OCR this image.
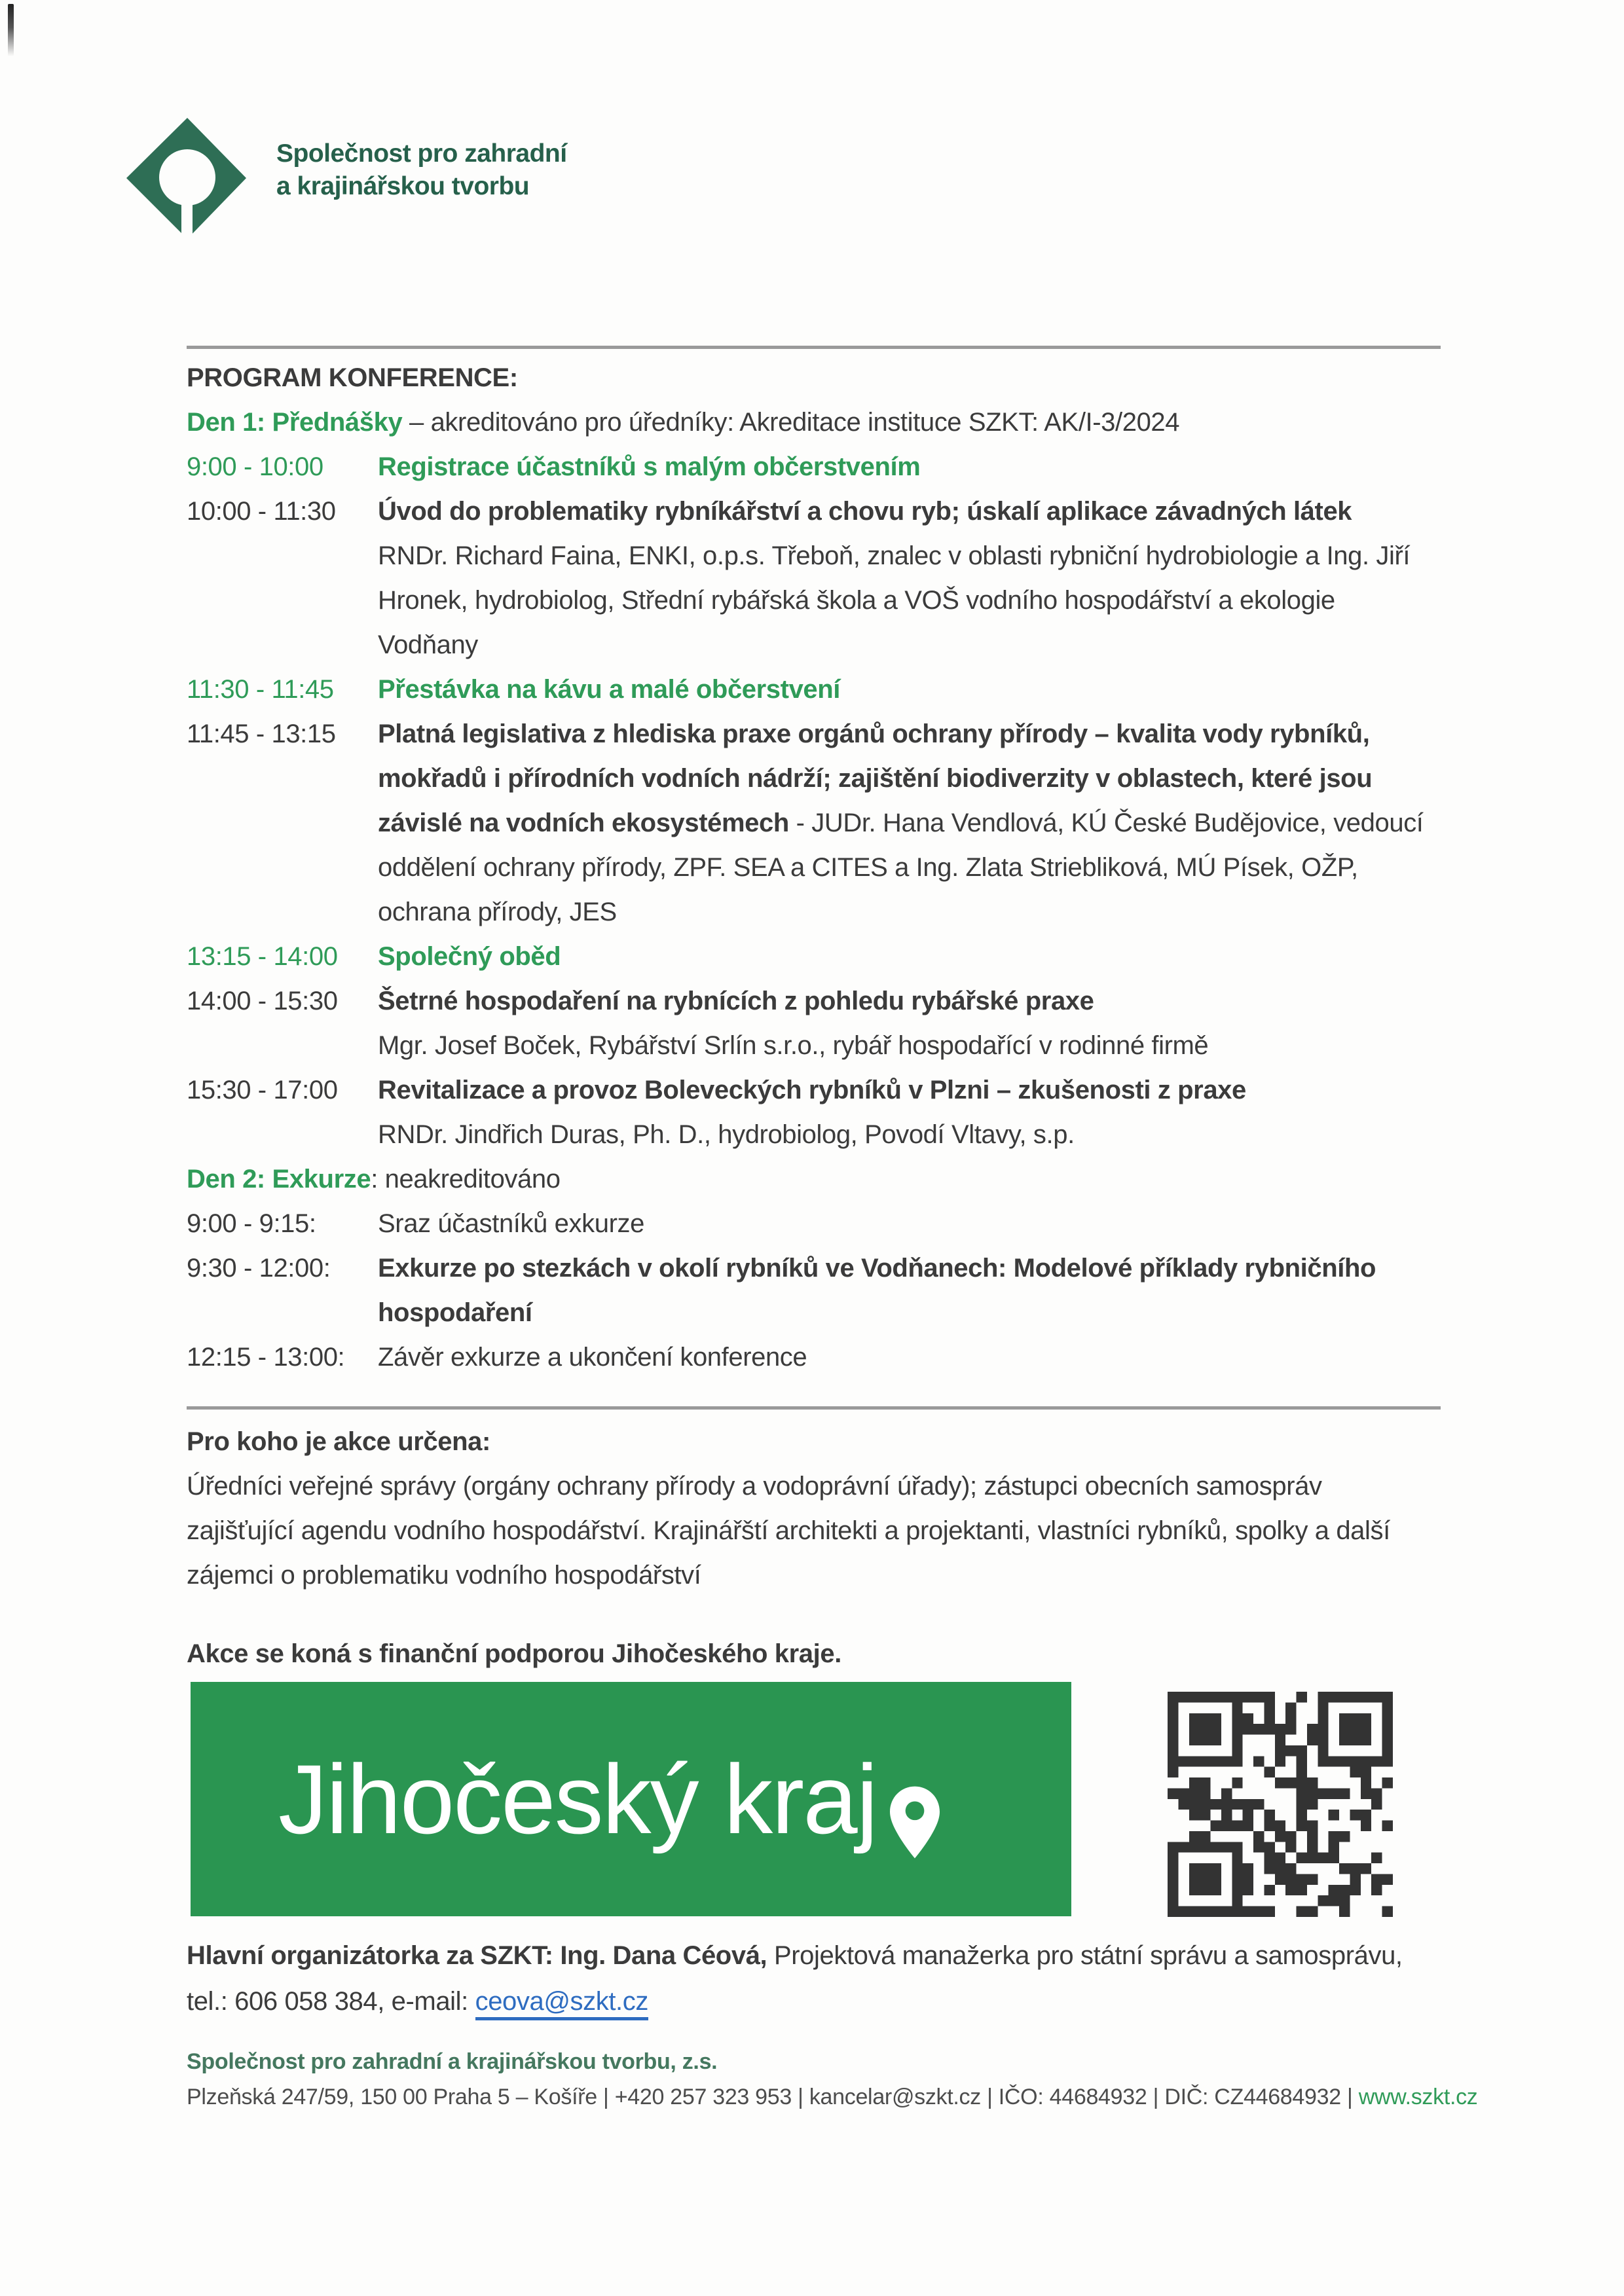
Společnost pro zahradní
a krajinářskou tvorbu
PROGRAM KONFERENCE:
Den 1: Přednášky – akreditováno pro úředníky: Akreditace instituce SZKT: AK/I-3/2024
9:00 - 10:00	Registrace účastníků s malým občerstvením
10:00 - 11:30	Úvod do problematiky rybníkářství a chovu ryb; úskalí aplikace závadných látek
RNDr. Richard Faina, ENKI, o.p.s. Třeboň, znalec v oblasti rybniční hydrobiologie a Ing. Jiří Hronek, hydrobiolog, Střední rybářská škola a VOŠ vodního hospodářství a ekologie Vodňany
11:30 - 11:45	Přestávka na kávu a malé občerstvení
11:45 - 13:15	Platná legislativa z hlediska praxe orgánů ochrany přírody – kvalita vody rybníků, mokřadů i přírodních vodních nádrží; zajištění biodiverzity v oblastech, které jsou závislé na vodních ekosystémech - JUDr. Hana Vendlová, KÚ České Budějovice, vedoucí oddělení ochrany přírody, ZPF. SEA a CITES a Ing. Zlata Striebliková, MÚ Písek, OŽP, ochrana přírody, JES
13:15 - 14:00	Společný oběd
14:00 - 15:30	Šetrné hospodaření na rybnících z pohledu rybářské praxe
Mgr. Josef Boček, Rybářství Srlín s.r.o., rybář hospodařící v rodinné firmě
15:30 - 17:00	Revitalizace a provoz Boleveckých rybníků v Plzni – zkušenosti z praxe
RNDr. Jindřich Duras, Ph. D., hydrobiolog, Povodí Vltavy, s.p.
Den 2: Exkurze: neakreditováno
9:00 - 9:15:	Sraz účastníků exkurze
9:30 - 12:00:	Exkurze po stezkách v okolí rybníků ve Vodňanech: Modelové příklady rybničního hospodaření
12:15 - 13:00:	Závěr exkurze a ukončení konference
Pro koho je akce určena:
Úředníci veřejné správy (orgány ochrany přírody a vodoprávní úřady); zástupci obecních samospráv zajišťující agendu vodního hospodářství. Krajinářští architekti a projektanti, vlastníci rybníků, spolky a další zájemci o problematiku vodního hospodářství
Akce se koná s finanční podporou Jihočeského kraje.
Jihočeský kraj
Hlavní organizátorka za SZKT: Ing. Dana Céová, Projektová manažerka pro státní správu a samosprávu, tel.: 606 058 384, e-mail: ceova@szkt.cz
Společnost pro zahradní a krajinářskou tvorbu, z.s.
Plzeňská 247/59, 150 00 Praha 5 – Košíře | +420 257 323 953 | kancelar@szkt.cz | IČO: 44684932 | DIČ: CZ44684932 | www.szkt.cz
